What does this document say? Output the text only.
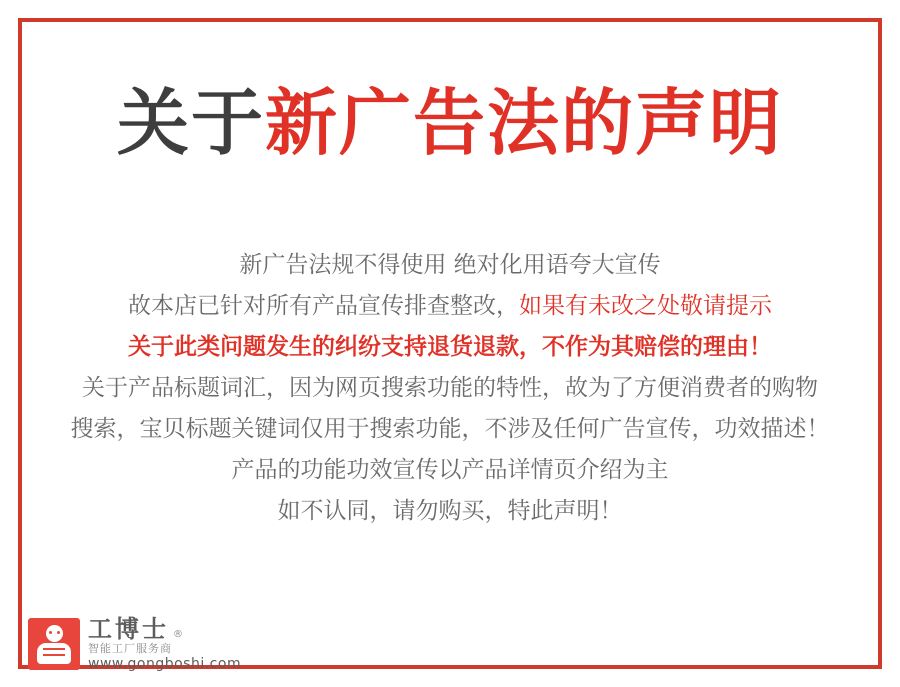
关于新广告法的声明
新广告法规不得使用 绝对化用语夸大宣传
故本店已针对所有产品宣传排查整改，如果有未改之处敬请提示
关于此类问题发生的纠纷支持退货退款，不作为其赔偿的理由！
关于产品标题词汇，因为网页搜索功能的特性，故为了方便消费者的购物
搜索，宝贝标题关键词仅用于搜索功能，不涉及任何广告宣传，功效描述！
产品的功能功效宣传以产品详情页介绍为主
如不认同，请勿购买，特此声明！
工博士 ®
智能工厂服务商
www.gongboshi.com
